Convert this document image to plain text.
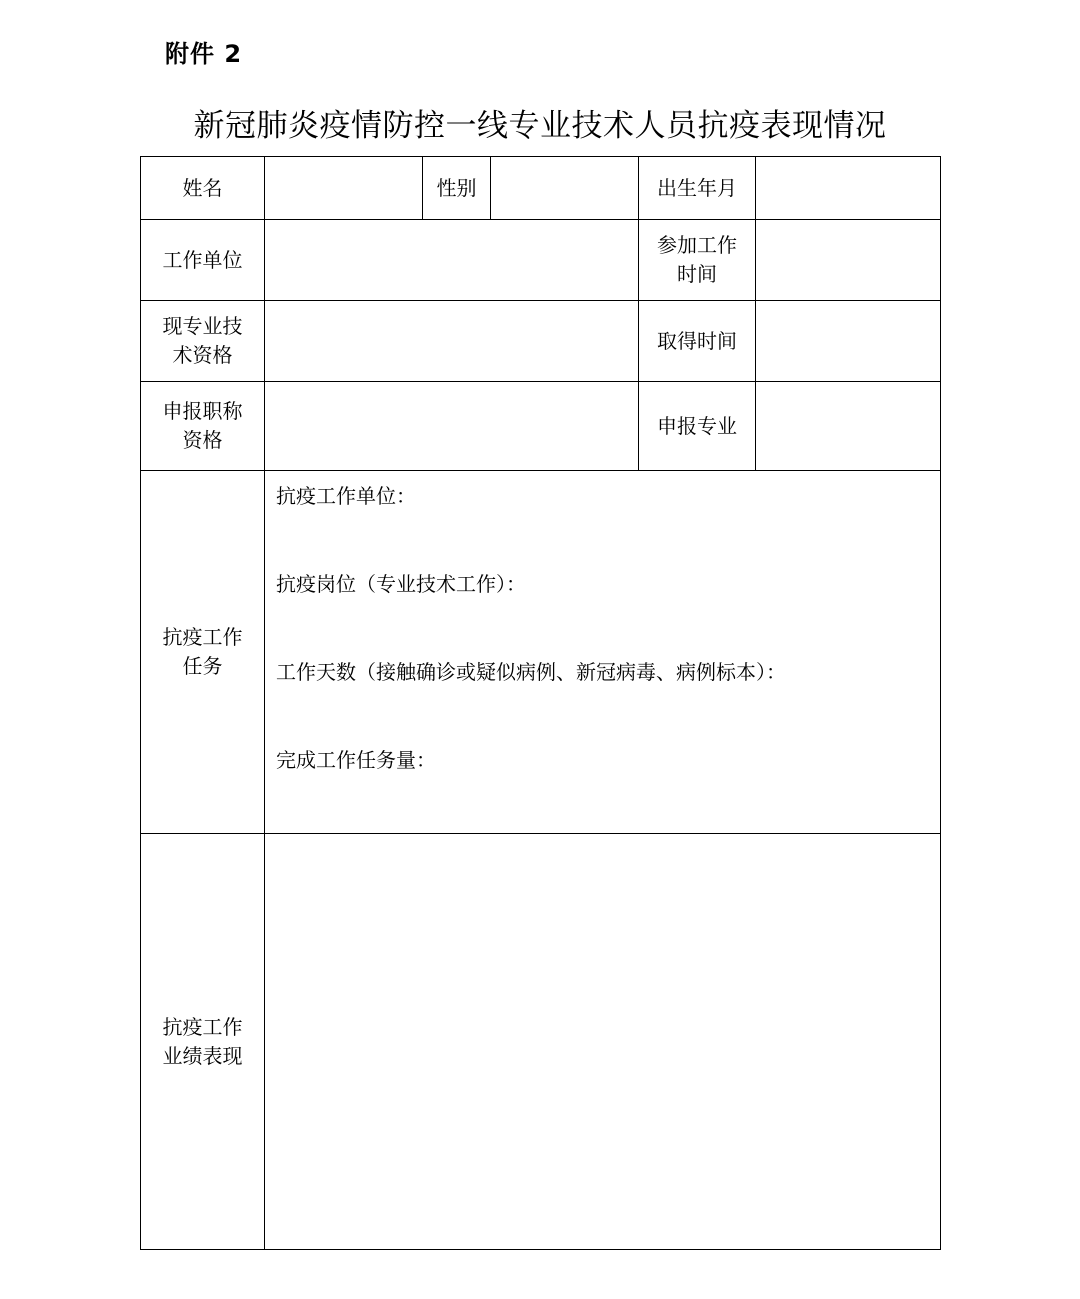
附件 2
新冠肺炎疫情防控一线专业技术人员抗疫表现情况
姓名		性别		出生年月	
工作单位				参加工作时间	
现专业技术资格				取得时间	
申报职称资格				申报专业	
抗疫工作任务	抗疫工作单位：
抗疫岗位（专业技术工作）：
工作天数（接触确诊或疑似病例、新冠病毒、病例标本）：
完成工作任务量：				

抗疫工作业绩表现					
